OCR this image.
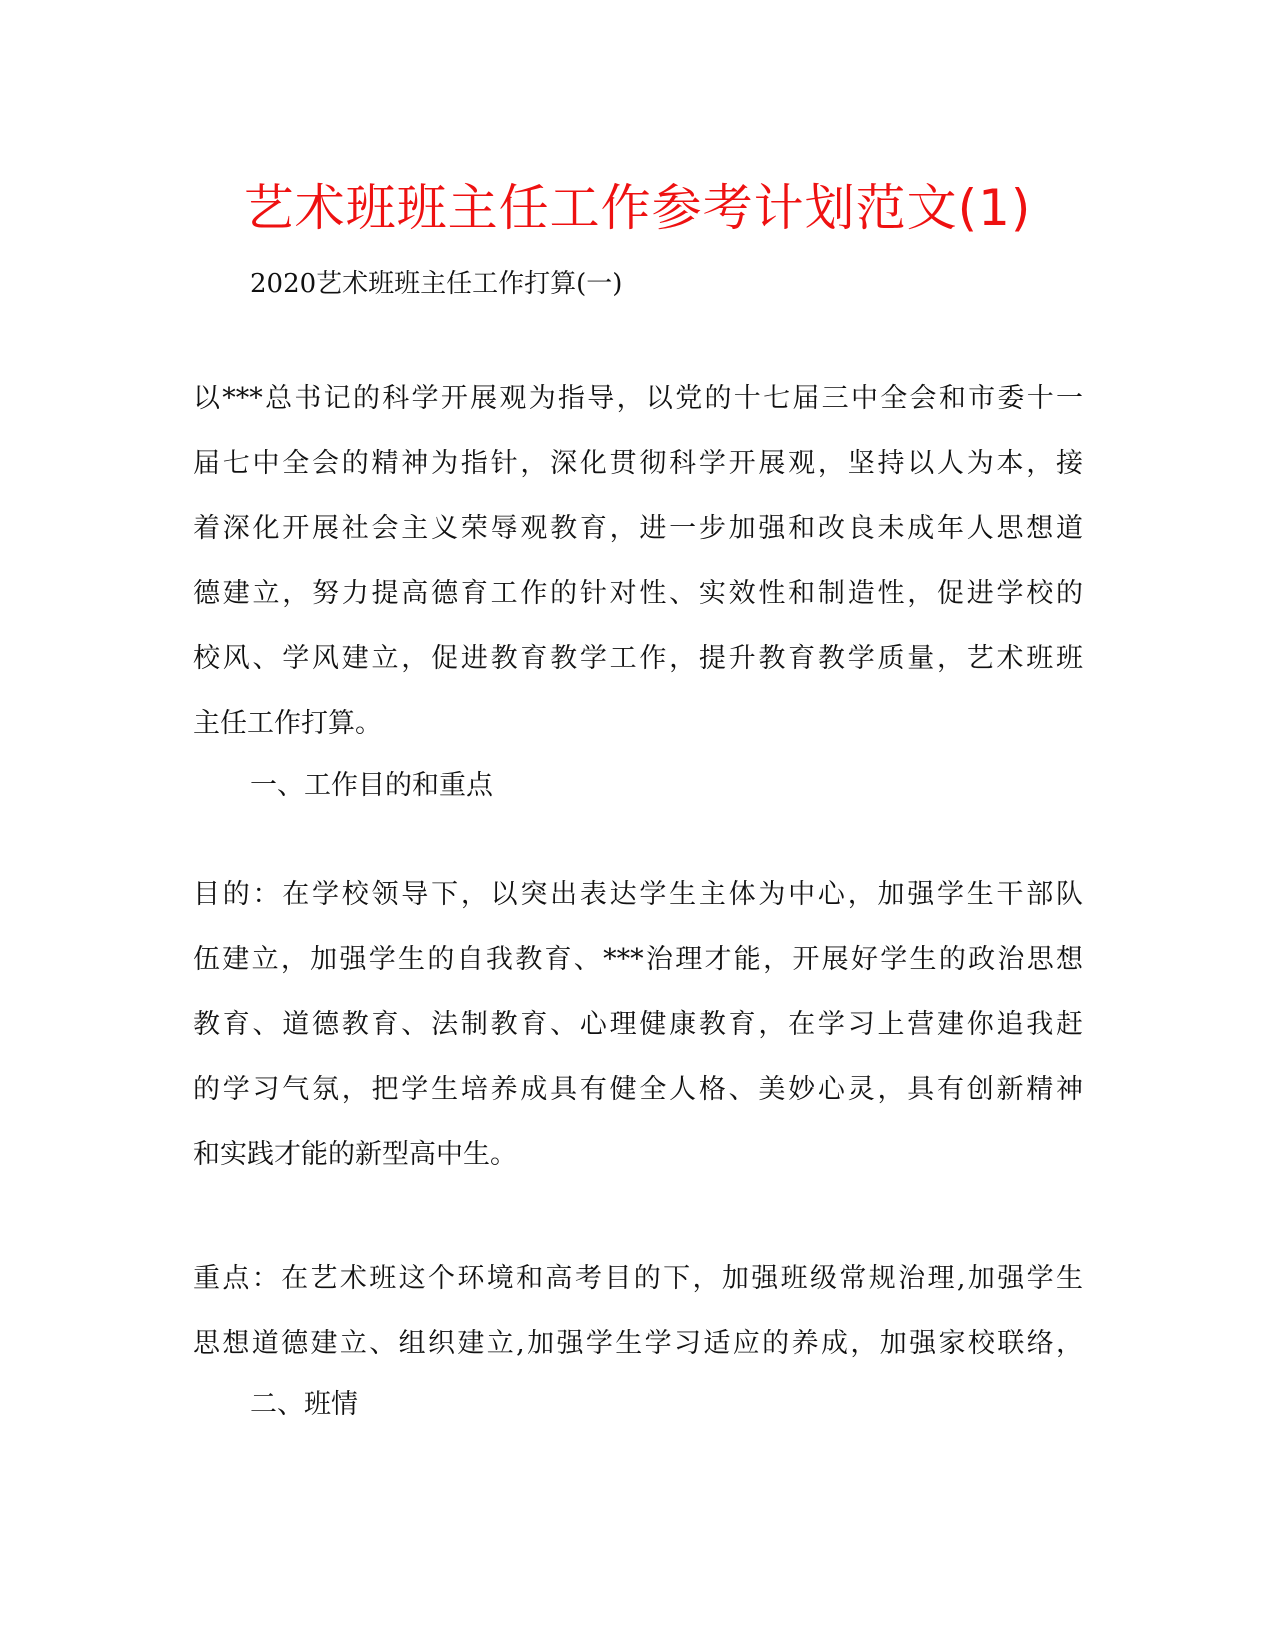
艺术班班主任工作参考计划范文(1)
2020艺术班班主任工作打算(一)
以***总书记的科学开展观为指导，以党的十七届三中全会和市委十一
届七中全会的精神为指针，深化贯彻科学开展观，坚持以人为本，接
着深化开展社会主义荣辱观教育，进一步加强和改良未成年人思想道
德建立，努力提高德育工作的针对性、实效性和制造性，促进学校的
校风、学风建立，促进教育教学工作，提升教育教学质量，艺术班班
主任工作打算。
一、工作目的和重点
目的：在学校领导下，以突出表达学生主体为中心，加强学生干部队
伍建立，加强学生的自我教育、***治理才能，开展好学生的政治思想
教育、道德教育、法制教育、心理健康教育，在学习上营建你追我赶
的学习气氛，把学生培养成具有健全人格、美妙心灵，具有创新精神
和实践才能的新型高中生。
重点：在艺术班这个环境和高考目的下，加强班级常规治理,加强学生
思想道德建立、组织建立,加强学生学习适应的养成，加强家校联络，
二、班情
